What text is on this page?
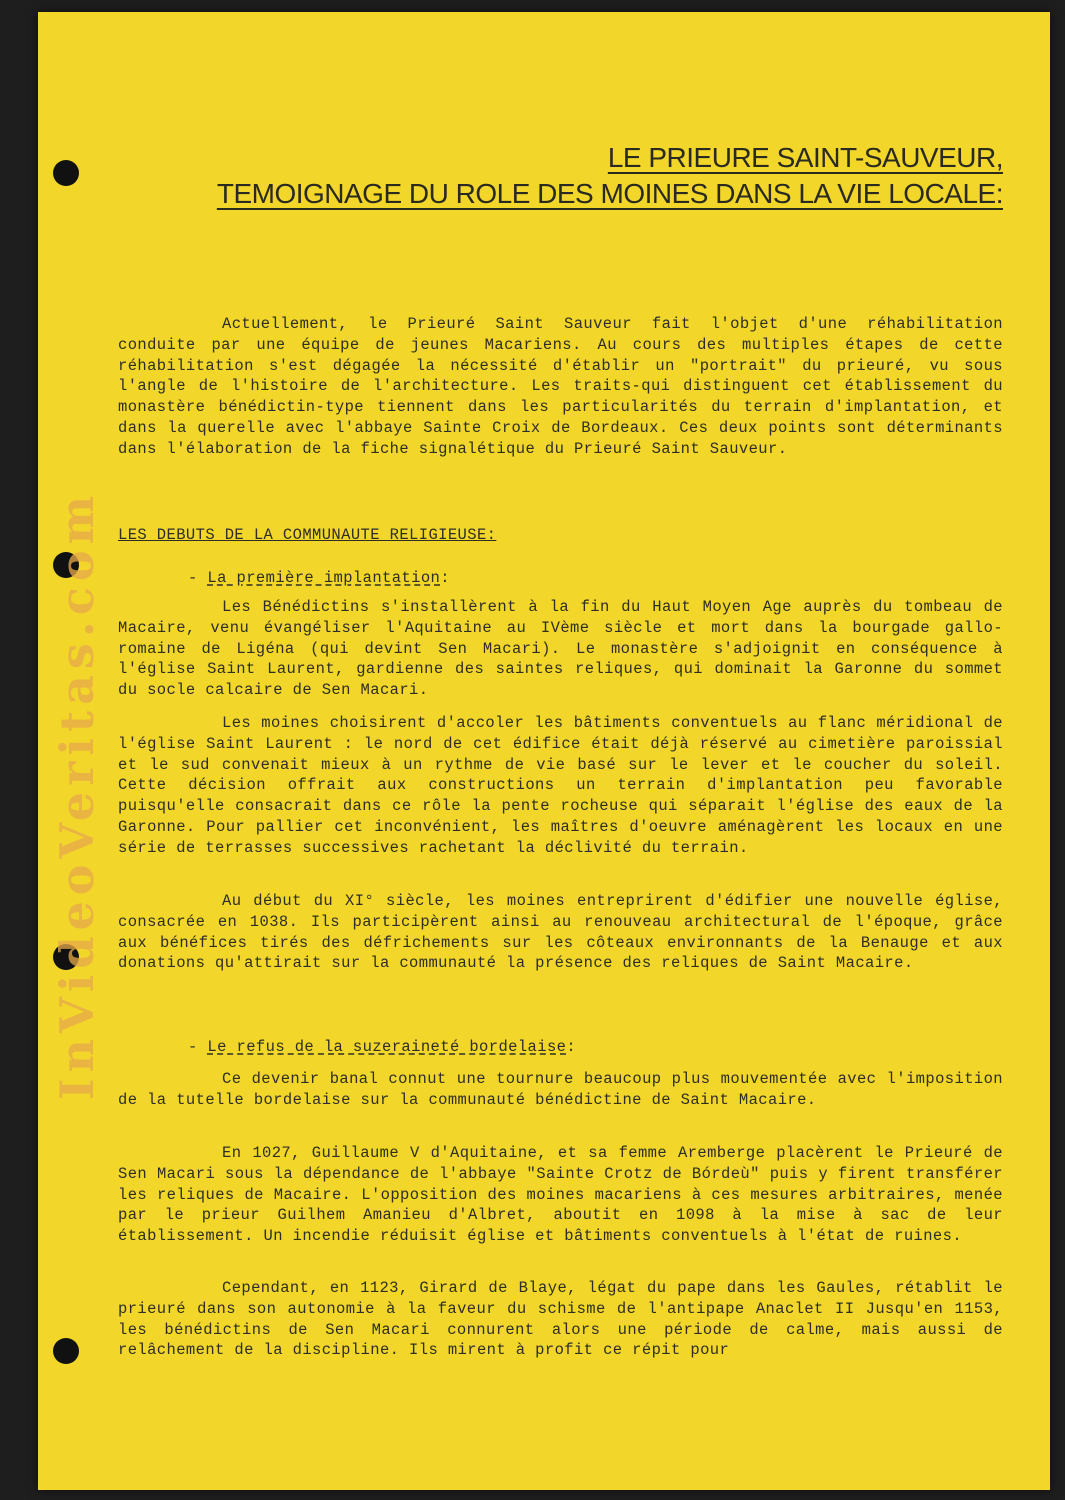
InVideoVeritas.com
LE PRIEURE SAINT-SAUVEUR,
TEMOIGNAGE DU ROLE DES MOINES DANS LA VIE LOCALE:

Actuellement, le Prieuré Saint Sauveur fait l'objet d'une réhabilitation conduite par une équipe de jeunes Macariens. Au cours des multiples étapes de cette réhabilitation s'est dégagée la nécessité d'établir un "portrait" du prieuré, vu sous l'angle de l'histoire de l'architecture. Les traits-qui distinguent cet établissement du monastère bénédictin-type tiennent dans les particularités du terrain d'implantation, et dans la querelle avec l'abbaye Sainte Croix de Bordeaux. Ces deux points sont déterminants dans l'élaboration de la fiche signalétique du Prieuré Saint Sauveur.

LES DEBUTS DE LA COMMUNAUTE RELIGIEUSE:
- La première implantation:

Les Bénédictins s'installèrent à la fin du Haut Moyen Age auprès du tombeau de Macaire, venu évangéliser l'Aquitaine au IVème siècle et mort dans la bourgade gallo-romaine de Ligéna (qui devint Sen Macari). Le monastère s'adjoignit en conséquence à l'église Saint Laurent, gardienne des saintes reliques, qui dominait la Garonne du sommet du socle calcaire de Sen Macari.

Les moines choisirent d'accoler les bâtiments conventuels au flanc méridional de l'église Saint Laurent : le nord de cet édifice était déjà réservé au cimetière paroissial et le sud convenait mieux à un rythme de vie basé sur le lever et le coucher du soleil. Cette décision offrait aux constructions un terrain d'implantation peu favorable puisqu'elle consacrait dans ce rôle la pente rocheuse qui séparait l'église des eaux de la Garonne. Pour pallier cet inconvénient, les maîtres d'oeuvre aménagèrent les locaux en une série de terrasses successives rachetant la déclivité du terrain.

Au début du XI° siècle, les moines entreprirent d'édifier une nouvelle église, consacrée en 1038. Ils participèrent ainsi au renouveau architectural de l'époque, grâce aux bénéfices tirés des défrichements sur les côteaux environnants de la Benauge et aux donations qu'attirait sur la communauté la présence des reliques de Saint Macaire.

- Le refus de la suzeraineté bordelaise:

Ce devenir banal connut une tournure beaucoup plus mouvementée avec l'imposition de la tutelle bordelaise sur la communauté bénédictine de Saint Macaire.

En 1027, Guillaume V d'Aquitaine, et sa femme Aremberge placèrent le Prieuré de Sen Macari sous la dépendance de l'abbaye "Sainte Crotz de Bórdeù" puis y firent transférer les reliques de Macaire. L'opposition des moines macariens à ces mesures arbitraires, menée par le prieur Guilhem Amanieu d'Albret, aboutit en 1098 à la mise à sac de leur établissement. Un incendie réduisit église et bâtiments conventuels à l'état de ruines.

Cependant, en 1123, Girard de Blaye, légat du pape dans les Gaules, rétablit le prieuré dans son autonomie à la faveur du schisme de l'antipape Anaclet II Jusqu'en 1153, les bénédictins de Sen Macari connurent alors une période de calme, mais aussi de relâchement de la discipline. Ils mirent à profit ce répit pour
